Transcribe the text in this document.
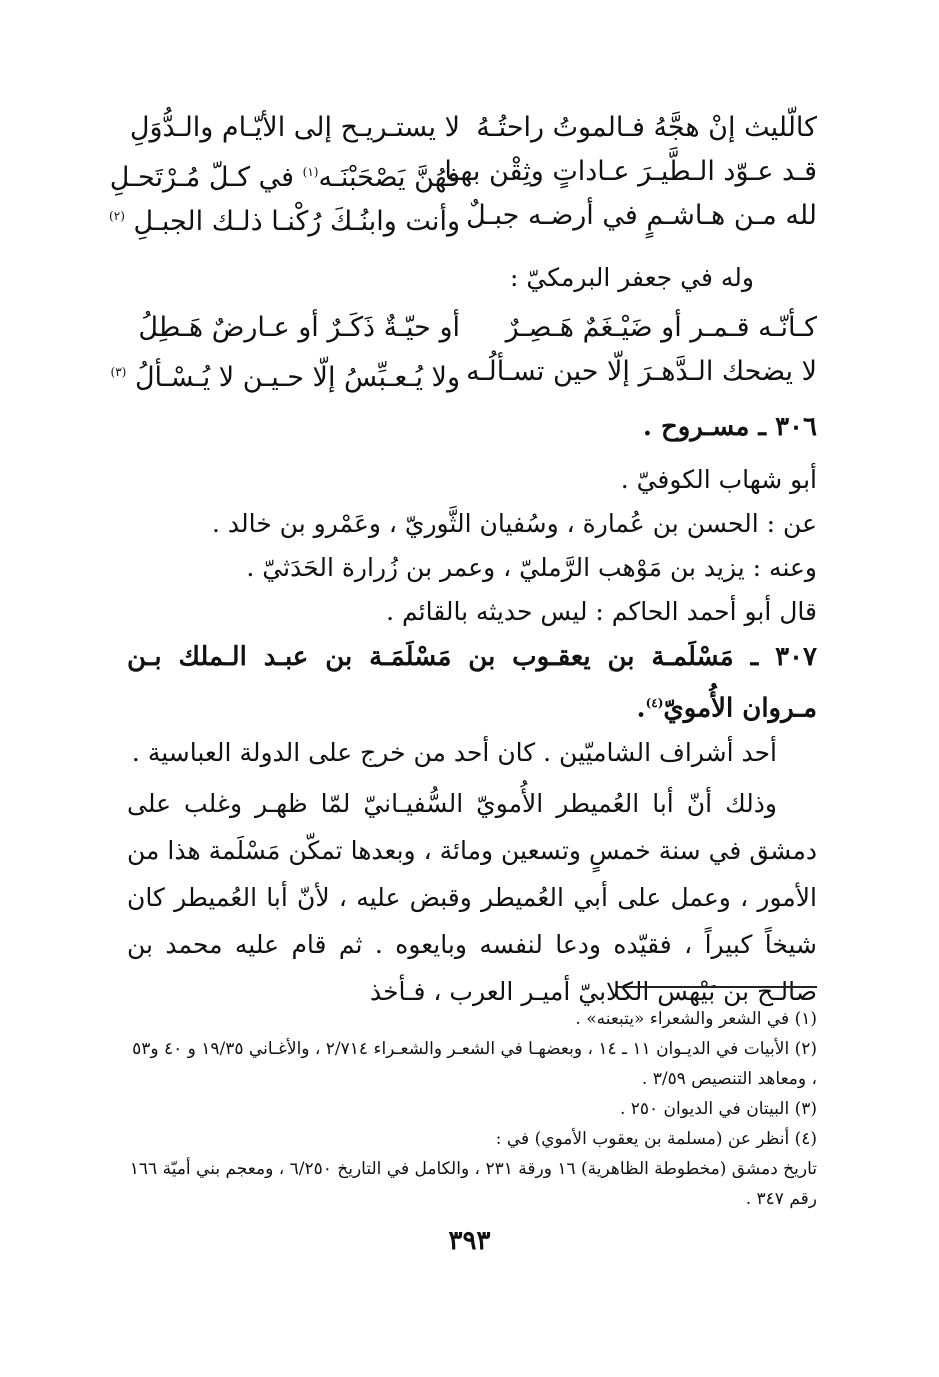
كالّليث إنْ هجَّهُ فـالموتُ راحتُـهُ
لا يستـريـح إلى الأيّـام والـدُّوَلِ
قـد عـوّد الـطَّيـرَ عـاداتٍ وثِقْن بهـا
فهُنَّ يَصْحَبْنَـه$^{(١)}$ في كـلّ مُـرْتَحـلِ
لله مـن هـاشـمٍ في أرضـه جبـلٌ
وأنت وابنُـكَ رُكْنـا ذلـك الجبـلِ $^{(٢)}$
وله في جعفر البرمكيّ :
كـأنّـه قـمـر أو ضَيْـغَمٌ هَـصِـرٌ
أو حيّـةٌ ذَكَـرٌ أو عـارضٌ هَـطِلُ
لا يضحك الـدَّهـرَ إلّا حين تسـألُـه
ولا يُـعـبِّسُ إلّا حـيـن لا يُـسْـألُ $^{(٣)}$
٣٠٦ ـ مسـروح .
أبو شهاب الكوفيّ .
عن : الحسن بن عُمارة ، وسُفيان الثَّوريّ ، وعَمْرو بن خالد .
وعنه : يزيد بن مَوْهب الرَّمليّ ، وعمر بن زُرارة الحَدَثيّ .
قال أبو أحمد الحاكم : ليس حديثه بالقائم .
٣٠٧ ـ مَسْلَمـة بن يعقـوب بن مَسْلَمَـة بن عبـد الـملك بـن مـروان الأُمويّ$^{(٤)}$.
أحد أشراف الشاميّين . كان أحد من خرج على الدولة العباسية .
وذلك أنّ أبا العُميطر الأُمويّ السُّفيـانيّ لمّا ظهـر وغلب على دمشق في سنة خمسٍ وتسعين ومائة ، وبعدها تمكّن مَسْلَمة هذا من الأمور ، وعمل على أبي العُميطر وقبض عليه ، لأنّ أبا العُميطر كان شيخاً كبيراً ، فقيّده ودعا لنفسه وبايعوه . ثم قام عليه محمد بن صالـح بن بَيْهس الكلابيّ أميـر العرب ، فـأخذ
(١) في الشعر والشعراء «يتبعنه» .
(٢) الأبيات في الديـوان ١١ ـ ١٤ ، وبعضهـا في الشعـر والشعـراء ٢/٧١٤ ، والأغـاني ١٩/٣٥ و ٤٠ و٥٣ ، ومعاهد التنصيص ٣/٥٩ .
(٣) البيتان في الديوان ٢٥٠ .
(٤) أنظر عن (مسلمة بن يعقوب الأموي) في :
تاريخ دمشق (مخطوطة الظاهرية) ١٦ ورقة ٢٣١ ، والكامل في التاريخ ٦/٢٥٠ ، ومعجم بني أميّة ١٦٦ رقم ٣٤٧ .
٣٩٣
